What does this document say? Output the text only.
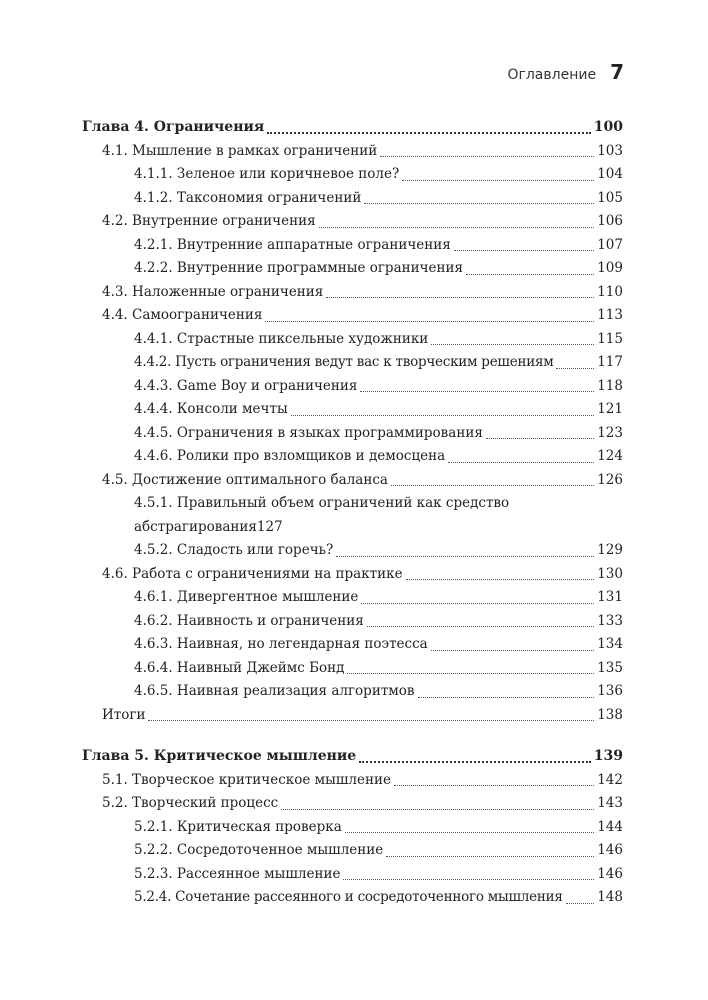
Оглавление 7
Глава 4. Ограничения	100
4.1. Мышление в рамках ограничений	103
4.1.1. Зеленое или коричневое поле?	104
4.1.2. Таксономия ограничений	105
4.2. Внутренние ограничения	106
4.2.1. Внутренние аппаратные ограничения	107
4.2.2. Внутренние программные ограничения	109
4.3. Наложенные ограничения	110
4.4. Самоограничения	113
4.4.1. Страстные пиксельные художники	115
4.4.2. Пусть ограничения ведут вас к творческим решениям	117
4.4.3. Game Boy и ограничения	118
4.4.4. Консоли мечты	121
4.4.5. Ограничения в языках программирования	123
4.4.6. Ролики про взломщиков и демосцена	124
4.5. Достижение оптимального баланса	126
4.5.1. Правильный объем ограничений как средство
абстрагирования 127
4.5.2. Сладость или горечь?	129
4.6. Работа с ограничениями на практике	130
4.6.1. Дивергентное мышление	131
4.6.2. Наивность и ограничения	133
4.6.3. Наивная, но легендарная поэтесса	134
4.6.4. Наивный Джеймс Бонд	135
4.6.5. Наивная реализация алгоритмов	136
Итоги	138
Глава 5. Критическое мышление	139
5.1. Творческое критическое мышление	142
5.2. Творческий процесс	143
5.2.1. Критическая проверка	144
5.2.2. Сосредоточенное мышление	146
5.2.3. Рассеянное мышление	146
5.2.4. Сочетание рассеянного и сосредоточенного мышления	148
